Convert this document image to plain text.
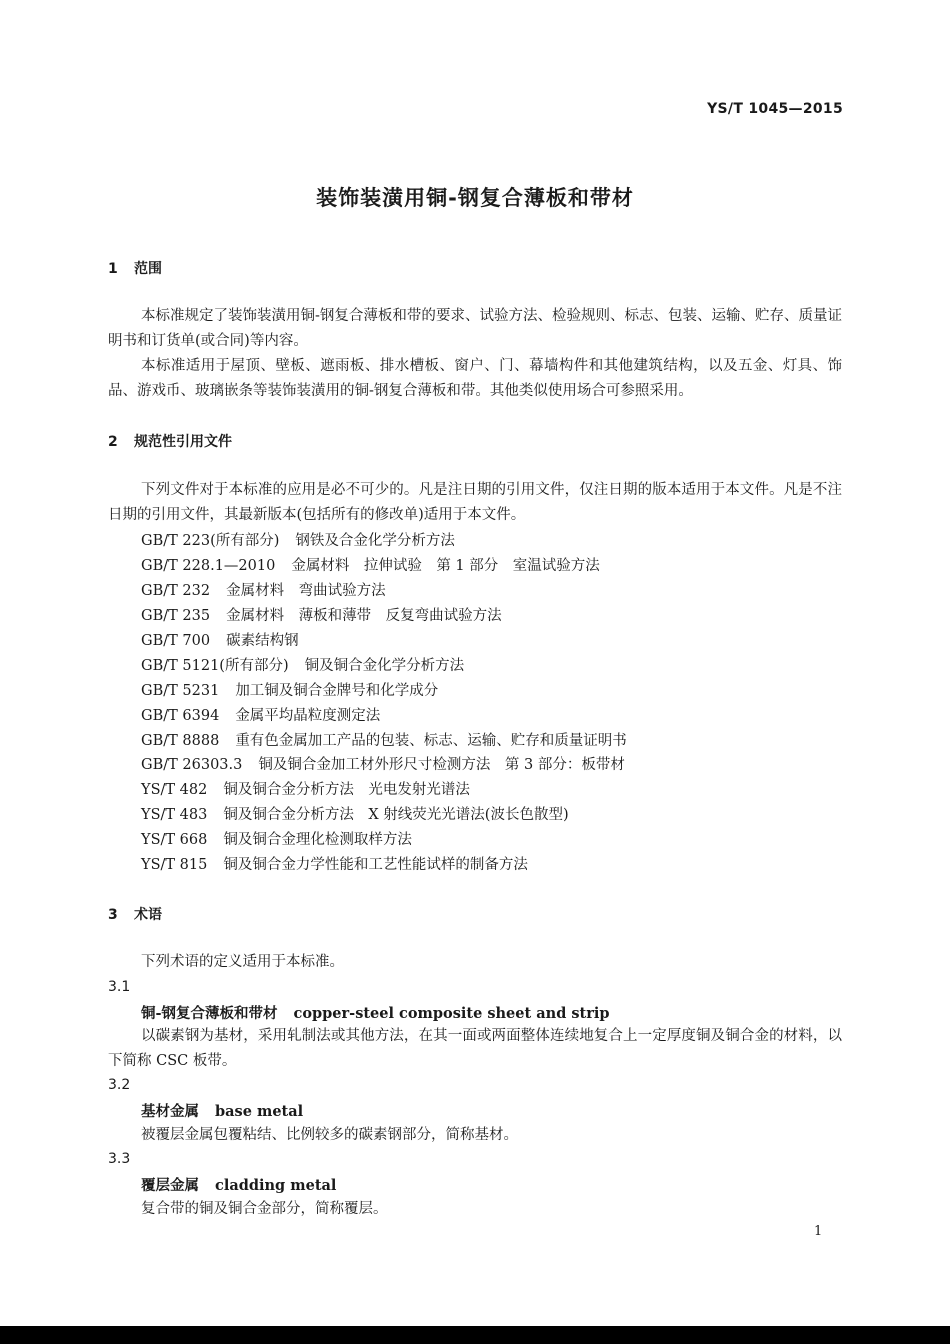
YS/T 1045—2015
装饰装潢用铜-钢复合薄板和带材
1 范围

本标准规定了装饰装潢用铜-钢复合薄板和带的要求、试验方法、检验规则、标志、包装、运输、贮存、质量证明书和订货单(或合同)等内容。

本标准适用于屋顶、壁板、遮雨板、排水槽板、窗户、门、幕墙构件和其他建筑结构，以及五金、灯具、饰品、游戏币、玻璃嵌条等装饰装潢用的铜-钢复合薄板和带。其他类似使用场合可参照采用。

2 规范性引用文件

下列文件对于本标准的应用是必不可少的。凡是注日期的引用文件，仅注日期的版本适用于本文件。凡是不注日期的引用文件，其最新版本(包括所有的修改单)适用于本文件。

GB/T 223(所有部分) 钢铁及合金化学分析方法
GB/T 228.1—2010 金属材料　拉伸试验　第 1 部分　室温试验方法
GB/T 232 金属材料　弯曲试验方法
GB/T 235 金属材料　薄板和薄带　反复弯曲试验方法
GB/T 700 碳素结构钢
GB/T 5121(所有部分) 铜及铜合金化学分析方法
GB/T 5231 加工铜及铜合金牌号和化学成分
GB/T 6394 金属平均晶粒度测定法
GB/T 8888 重有色金属加工产品的包装、标志、运输、贮存和质量证明书
GB/T 26303.3 铜及铜合金加工材外形尺寸检测方法　第 3 部分：板带材
YS/T 482 铜及铜合金分析方法　光电发射光谱法
YS/T 483 铜及铜合金分析方法　X 射线荧光光谱法(波长色散型)
YS/T 668 铜及铜合金理化检测取样方法
YS/T 815 铜及铜合金力学性能和工艺性能试样的制备方法
3 术语

下列术语的定义适用于本标准。

3.1
铜-钢复合薄板和带材 copper-steel composite sheet and strip

以碳素钢为基材，采用轧制法或其他方法，在其一面或两面整体连续地复合上一定厚度铜及铜合金的材料，以下简称 CSC 板带。

3.2
基材金属 base metal

被覆层金属包覆粘结、比例较多的碳素钢部分，简称基材。

3.3
覆层金属 cladding metal

复合带的铜及铜合金部分，简称覆层。

1
